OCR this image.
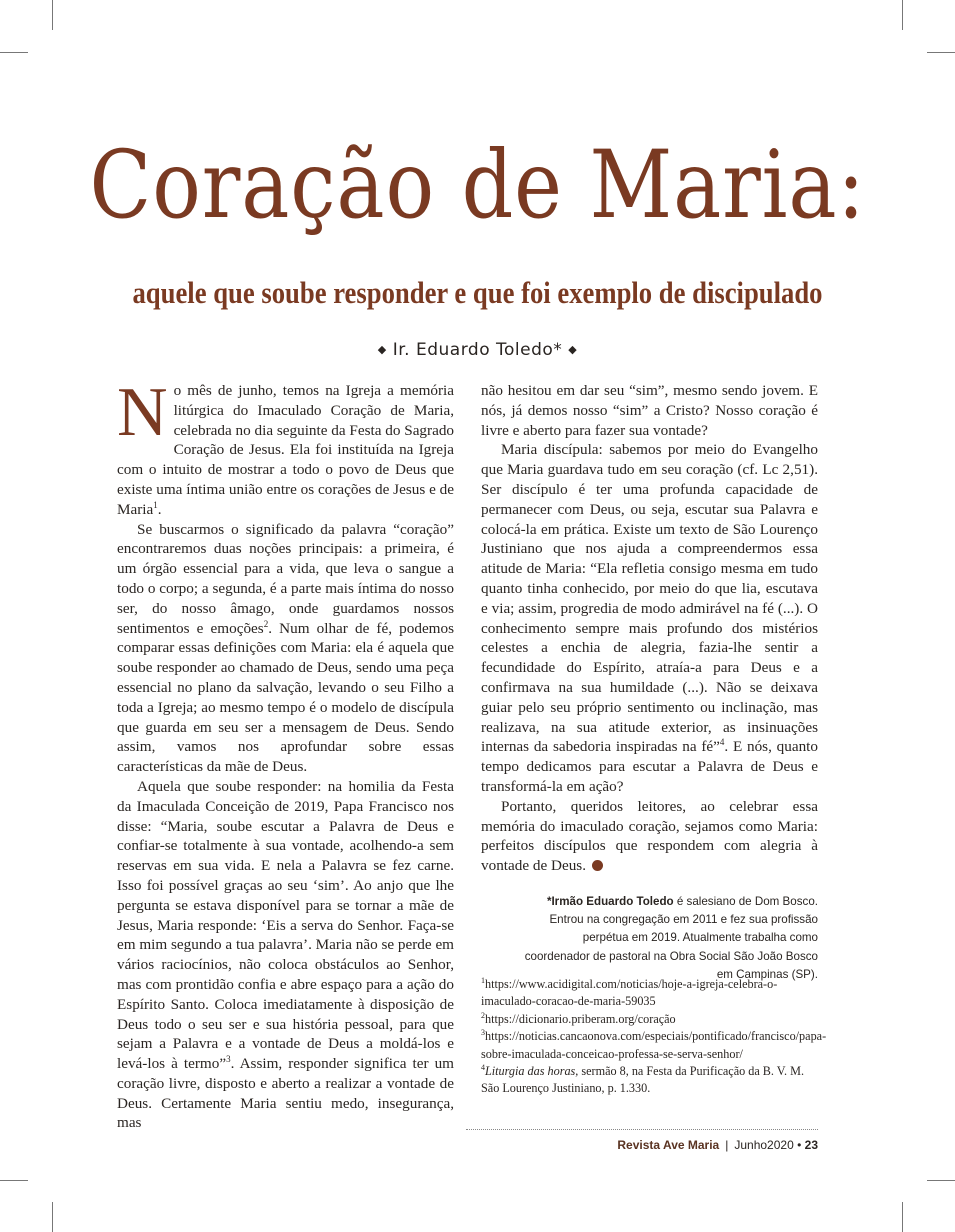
Coração de Maria:
aquele que soube responder e que foi exemplo de discipulado
◆ Ir. Eduardo Toledo* ◆

No mês de junho, temos na Igreja a memória litúrgica do Imaculado Coração de Maria, celebrada no dia seguinte da Festa do Sagrado Coração de Jesus. Ela foi instituída na Igreja com o intuito de mostrar a todo o povo de Deus que existe uma íntima união entre os corações de Jesus e de Maria$^1$.

Se buscarmos o significado da palavra “coração” encontraremos duas noções principais: a primeira, é um órgão essencial para a vida, que leva o sangue a todo o corpo; a segunda, é a parte mais íntima do nosso ser, do nosso âmago, onde guardamos nossos sentimentos e emoções$^2$. Num olhar de fé, podemos comparar essas definições com Maria: ela é aquela que soube responder ao chamado de Deus, sendo uma peça essencial no plano da salvação, levando o seu Filho a toda a Igreja; ao mesmo tempo é o modelo de discípula que guarda em seu ser a mensagem de Deus. Sendo assim, vamos nos aprofundar sobre essas características da mãe de Deus.

Aquela que soube responder: na homilia da Festa da Imaculada Conceição de 2019, Papa Francisco nos disse: “Maria, soube escutar a Palavra de Deus e confiar-se totalmente à sua vontade, acolhendo-a sem reservas em sua vida. E nela a Palavra se fez carne. Isso foi possível graças ao seu ‘sim’. Ao anjo que lhe pergunta se estava disponível para se tornar a mãe de Jesus, Maria responde: ‘Eis a serva do Senhor. Faça-se em mim segundo a tua palavra’. Maria não se perde em vários raciocínios, não coloca obstáculos ao Senhor, mas com prontidão confia e abre espaço para a ação do Espírito Santo. Coloca imediatamente à disposição de Deus todo o seu ser e sua história pessoal, para que sejam a Palavra e a vontade de Deus a moldá-los e levá-los à termo”$^3$. Assim, responder significa ter um coração livre, disposto e aberto a realizar a vontade de Deus. Certamente Maria sentiu medo, insegurança, mas

não hesitou em dar seu “sim”, mesmo sendo jovem. E nós, já demos nosso “sim” a Cristo? Nosso coração é livre e aberto para fazer sua vontade?

Maria discípula: sabemos por meio do Evangelho que Maria guardava tudo em seu coração (cf. Lc 2,51). Ser discípulo é ter uma profunda capacidade de permanecer com Deus, ou seja, escutar sua Palavra e colocá-la em prática. Existe um texto de São Lourenço Justiniano que nos ajuda a compreendermos essa atitude de Maria: “Ela refletia consigo mesma em tudo quanto tinha conhecido, por meio do que lia, escutava e via; assim, progredia de modo admirável na fé (...). O conhecimento sempre mais profundo dos mistérios celestes a enchia de alegria, fazia-lhe sentir a fecundidade do Espírito, atraía-a para Deus e a confirmava na sua humildade (...). Não se deixava guiar pelo seu próprio sentimento ou inclinação, mas realizava, na sua atitude exterior, as insinuações internas da sabedoria inspiradas na fé”$^4$. E nós, quanto tempo dedicamos para escutar a Palavra de Deus e transformá-la em ação?

Portanto, queridos leitores, ao celebrar essa memória do imaculado coração, sejamos como Maria: perfeitos discípulos que respondem com alegria à vontade de Deus.

*Irmão Eduardo Toledo é salesiano de Dom Bosco. Entrou na congregação em 2011 e fez sua profissão perpétua em 2019. Atualmente trabalha como coordenador de pastoral na Obra Social São João Bosco em Campinas (SP).
$^1$https://www.acidigital.com/noticias/hoje-a-igreja-celebra-o-imaculado-coracao-de-maria-59035
$^2$https://dicionario.priberam.org/coração
$^3$https://noticias.cancaonova.com/especiais/pontificado/francisco/papa-sobre-imaculada-conceicao-professa-se-serva-senhor/
$^4$Liturgia das horas, sermão 8, na Festa da Purificação da B. V. M. São Lourenço Justiniano, p. 1.330.
Revista Ave Maria | Junho2020 • 23
